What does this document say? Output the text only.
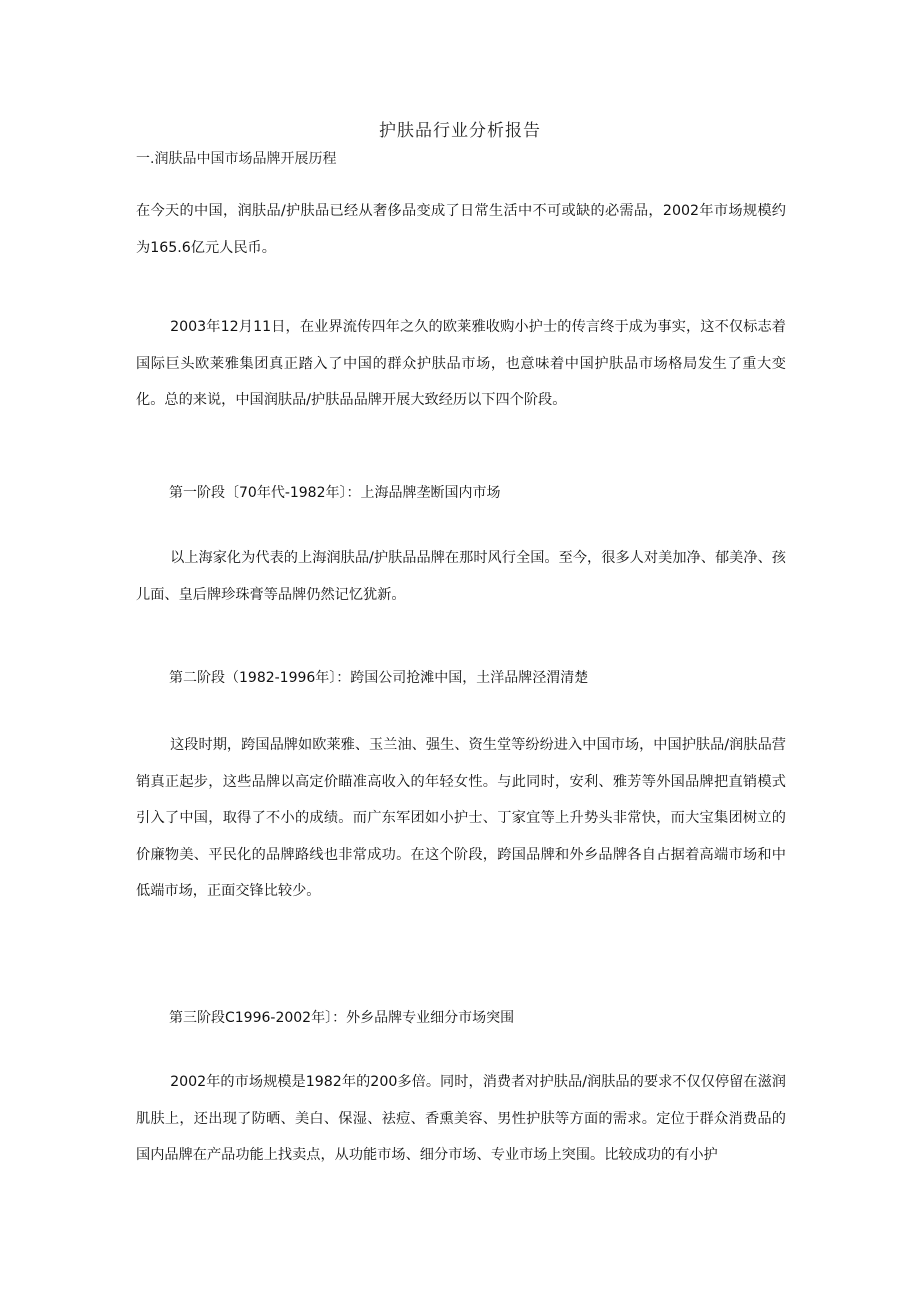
护肤品行业分析报告
一.润肤品中国市场品牌开展历程

在今天的中国，润肤品/护肤品已经从奢侈品变成了日常生活中不可或缺的必需品，2002年市场规模约为165.6亿元人民币。

2003年12月11日，在业界流传四年之久的欧莱雅收购小护士的传言终于成为事实，这不仅标志着国际巨头欧莱雅集团真正踏入了中国的群众护肤品市场，也意味着中国护肤品市场格局发生了重大变化。总的来说，中国润肤品/护肤品品牌开展大致经历以下四个阶段。

第一阶段〔70年代-1982年〕：上海品牌垄断国内市场

以上海家化为代表的上海润肤品/护肤品品牌在那时风行全国。至今，很多人对美加净、郁美净、孩儿面、皇后牌珍珠膏等品牌仍然记忆犹新。

第二阶段（1982-1996年〕：跨国公司抢滩中国，土洋品牌泾渭清楚

这段时期，跨国品牌如欧莱雅、玉兰油、强生、资生堂等纷纷进入中国市场，中国护肤品/润肤品营销真正起步，这些品牌以高定价瞄准高收入的年轻女性。与此同时，安利、雅芳等外国品牌把直销模式引入了中国，取得了不小的成绩。而广东军团如小护士、丁家宜等上升势头非常快，而大宝集团树立的价廉物美、平民化的品牌路线也非常成功。在这个阶段，跨国品牌和外乡品牌各自占据着高端市场和中低端市场，正面交锋比较少。

第三阶段C1996-2002年〕：外乡品牌专业细分市场突围

2002年的市场规模是1982年的200多倍。同时，消费者对护肤品/润肤品的要求不仅仅停留在滋润肌肤上，还出现了防晒、美白、保湿、祛痘、香熏美容、男性护肤等方面的需求。定位于群众消费品的国内品牌在产品功能上找卖点，从功能市场、细分市场、专业市场上突围。比较成功的有小护
